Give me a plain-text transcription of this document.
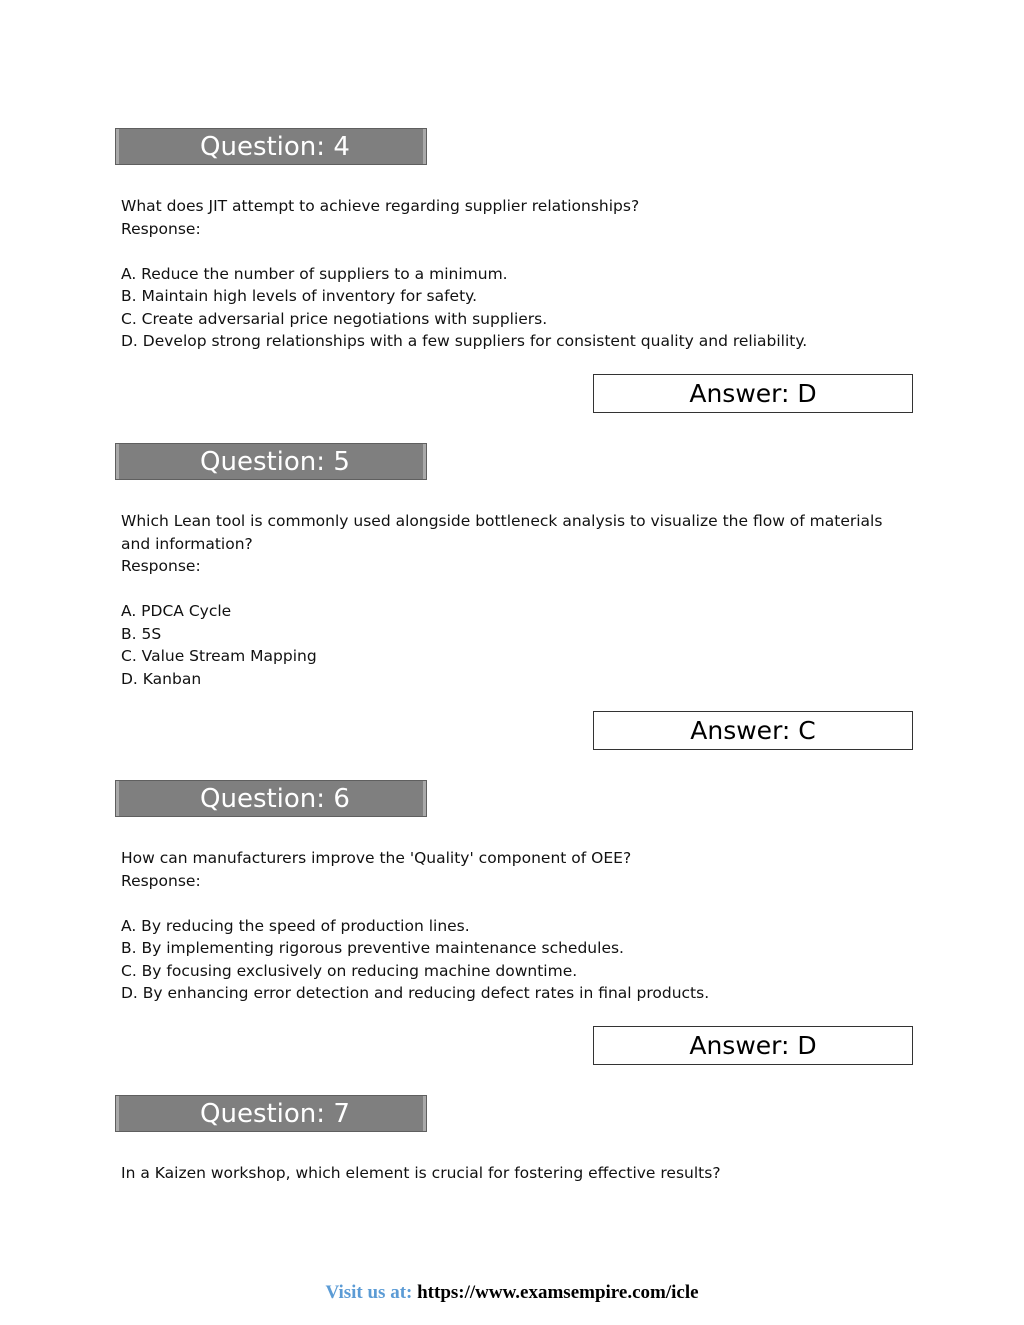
Question: 4
What does JIT attempt to achieve regarding supplier relationships?
Response:
A. Reduce the number of suppliers to a minimum.
B. Maintain high levels of inventory for safety.
C. Create adversarial price negotiations with suppliers.
D. Develop strong relationships with a few suppliers for consistent quality and reliability.
Answer: D
Question: 5
Which Lean tool is commonly used alongside bottleneck analysis to visualize the flow of materials and information?
Response:
A. PDCA Cycle
B. 5S
C. Value Stream Mapping
D. Kanban
Answer: C
Question: 6
How can manufacturers improve the 'Quality' component of OEE?
Response:
A. By reducing the speed of production lines.
B. By implementing rigorous preventive maintenance schedules.
C. By focusing exclusively on reducing machine downtime.
D. By enhancing error detection and reducing defect rates in final products.
Answer: D
Question: 7
In a Kaizen workshop, which element is crucial for fostering effective results?
Visit us at: https://www.examsempire.com/icle
